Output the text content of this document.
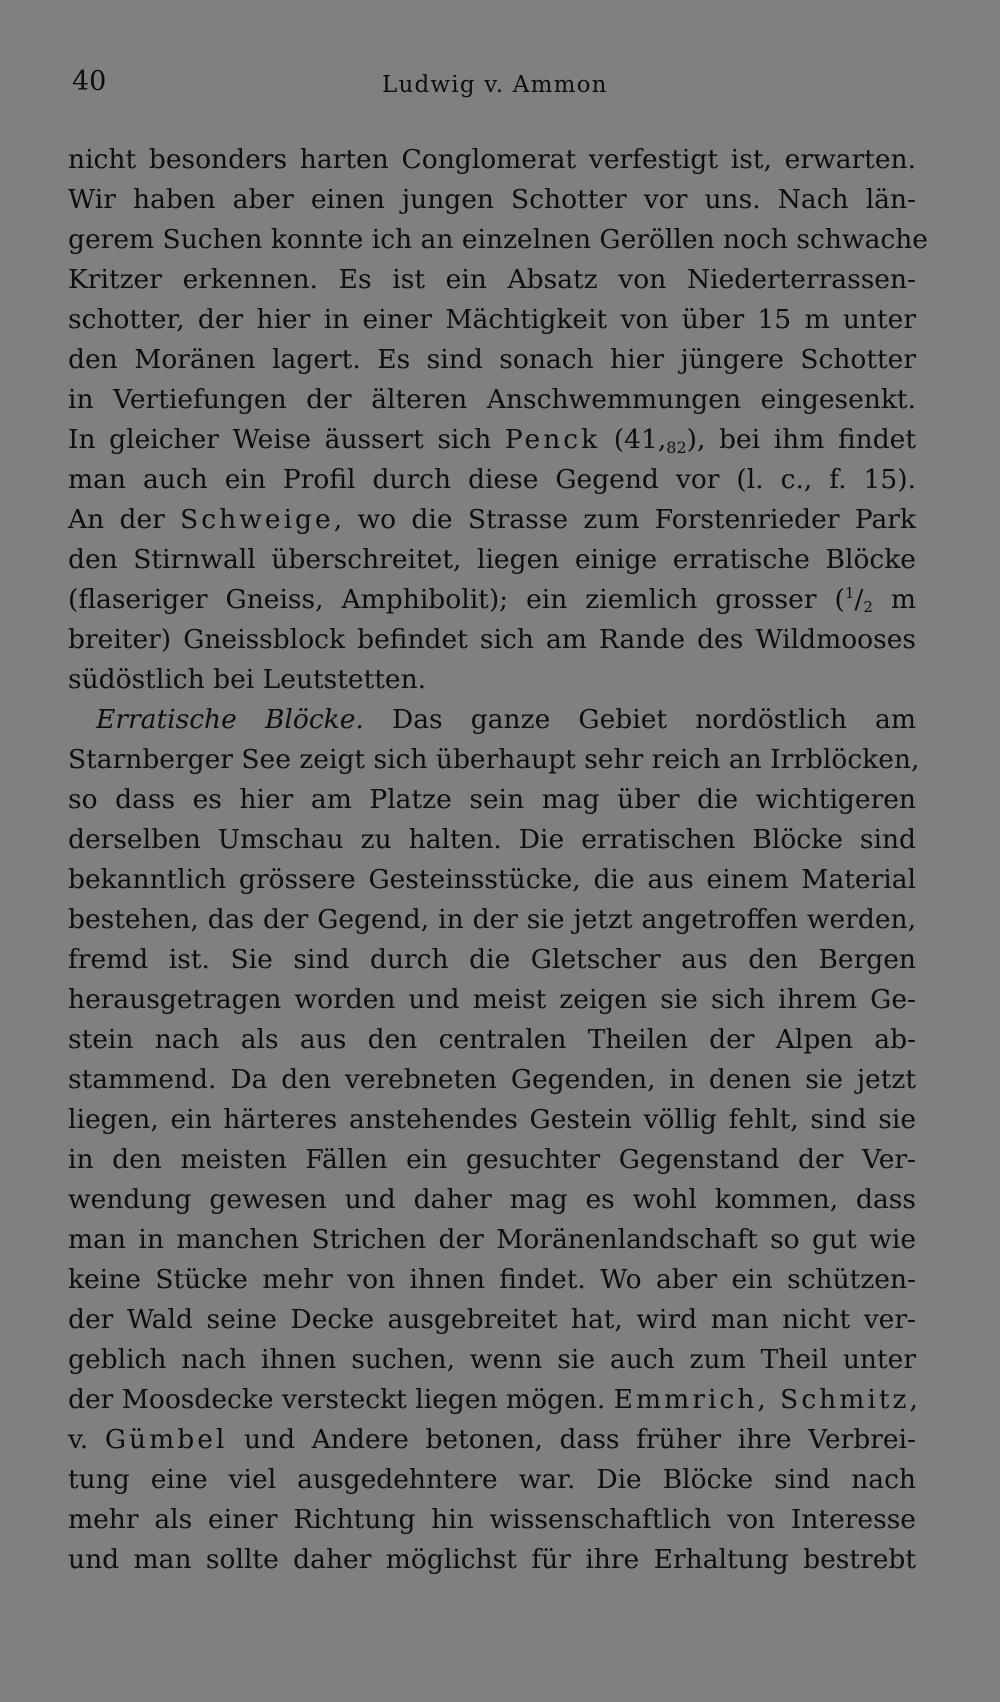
40	Ludwig v. Ammon
nicht besonders harten Conglomerat verfestigt ist, erwarten.
Wir haben aber einen jungen Schotter vor uns. Nach län-
gerem Suchen konnte ich an einzelnen Geröllen noch schwache
Kritzer erkennen. Es ist ein Absatz von Niederterrassen-
schotter, der hier in einer Mächtigkeit von über 15 m unter
den Moränen lagert. Es sind sonach hier jüngere Schotter
in Vertiefungen der älteren Anschwemmungen eingesenkt.
In gleicher Weise äussert sich Penck (41,82), bei ihm findet
man auch ein Profil durch diese Gegend vor (l. c., f. 15).
An der Schweige, wo die Strasse zum Forstenrieder Park
den Stirnwall überschreitet, liegen einige erratische Blöcke
(flaseriger Gneiss, Amphibolit); ein ziemlich grosser ($^1$/2 m
breiter) Gneissblock befindet sich am Rande des Wildmooses
südöstlich bei Leutstetten.
Erratische Blöcke. Das ganze Gebiet nordöstlich am
Starnberger See zeigt sich überhaupt sehr reich an Irrblöcken,
so dass es hier am Platze sein mag über die wichtigeren
derselben Umschau zu halten. Die erratischen Blöcke sind
bekanntlich grössere Gesteinsstücke, die aus einem Material
bestehen, das der Gegend, in der sie jetzt angetroffen werden,
fremd ist. Sie sind durch die Gletscher aus den Bergen
herausgetragen worden und meist zeigen sie sich ihrem Ge-
stein nach als aus den centralen Theilen der Alpen ab-
stammend. Da den verebneten Gegenden, in denen sie jetzt
liegen, ein härteres anstehendes Gestein völlig fehlt, sind sie
in den meisten Fällen ein gesuchter Gegenstand der Ver-
wendung gewesen und daher mag es wohl kommen, dass
man in manchen Strichen der Moränenlandschaft so gut wie
keine Stücke mehr von ihnen findet. Wo aber ein schützen-
der Wald seine Decke ausgebreitet hat, wird man nicht ver-
geblich nach ihnen suchen, wenn sie auch zum Theil unter
der Moosdecke versteckt liegen mögen. Emmrich, Schmitz,
v. Gümbel und Andere betonen, dass früher ihre Verbrei-
tung eine viel ausgedehntere war. Die Blöcke sind nach
mehr als einer Richtung hin wissenschaftlich von Interesse
und man sollte daher möglichst für ihre Erhaltung bestrebt
